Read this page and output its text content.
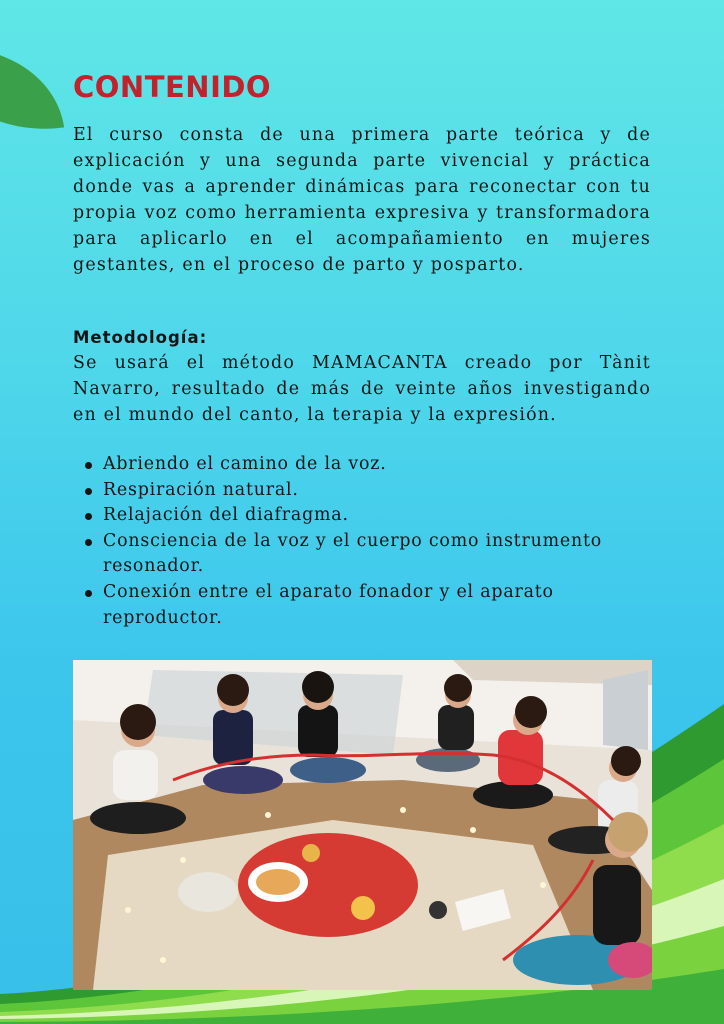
CONTENIDO

El curso consta de una primera parte teórica y de explicación y una segunda parte vivencial y práctica donde vas a aprender dinámicas para reconectar con tu propia voz como herramienta expresiva y transformadora para aplicarlo en el acompañamiento en mujeres gestantes, en el proceso de parto y posparto.

Metodología:

Se usará el método MAMACANTA creado por Tànit Navarro, resultado de más de veinte años investigando en el mundo del canto, la terapia y la expresión.

Abriendo el camino de la voz.
Respiración natural.
Relajación del diafragma.
Consciencia de la voz y el cuerpo como instrumento resonador.
Conexión entre el aparato fonador y el aparato reproductor.
